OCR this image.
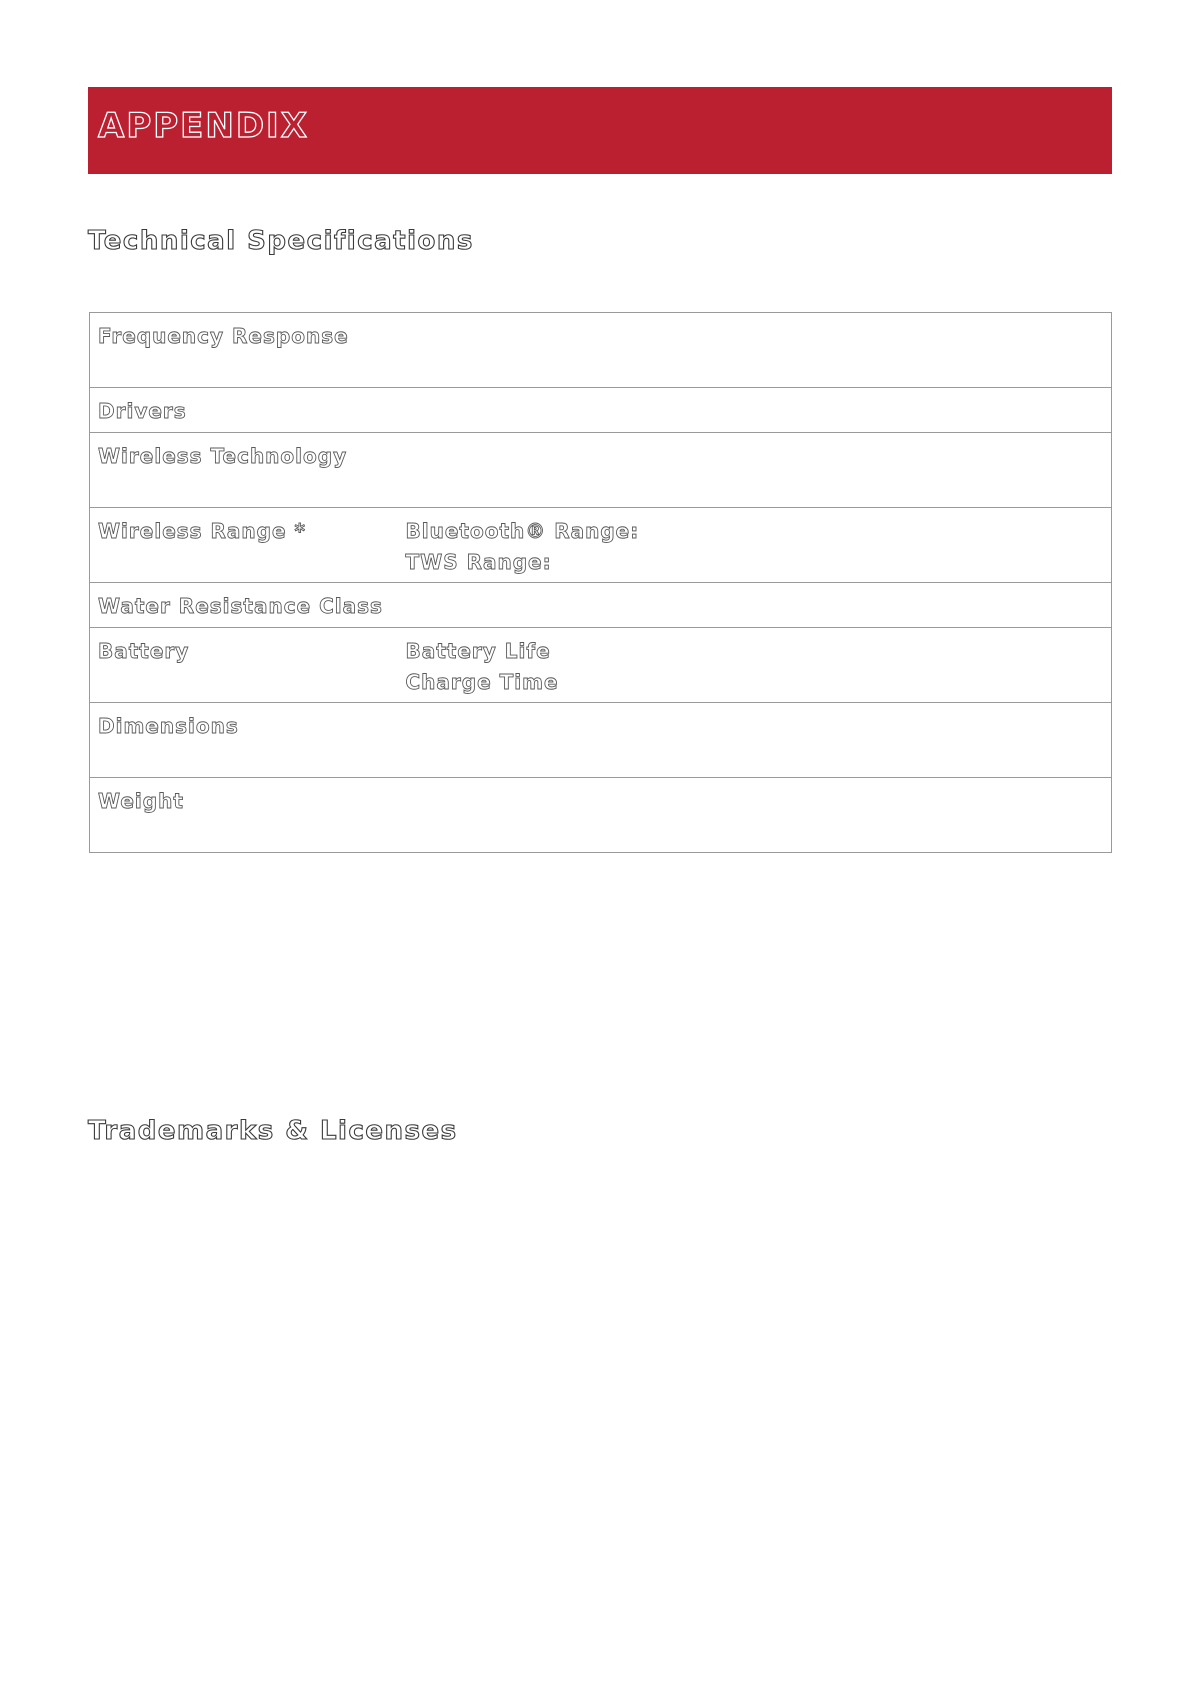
APPENDIX
Technical Specifications
Frequency Response	
Drivers	
Wireless Technology	
Wireless Range *	Bluetooth® Range:
TWS Range:

Water Resistance Class	
Battery	Battery Life
Charge Time

Dimensions	
Weight	
Trademarks & Licenses
